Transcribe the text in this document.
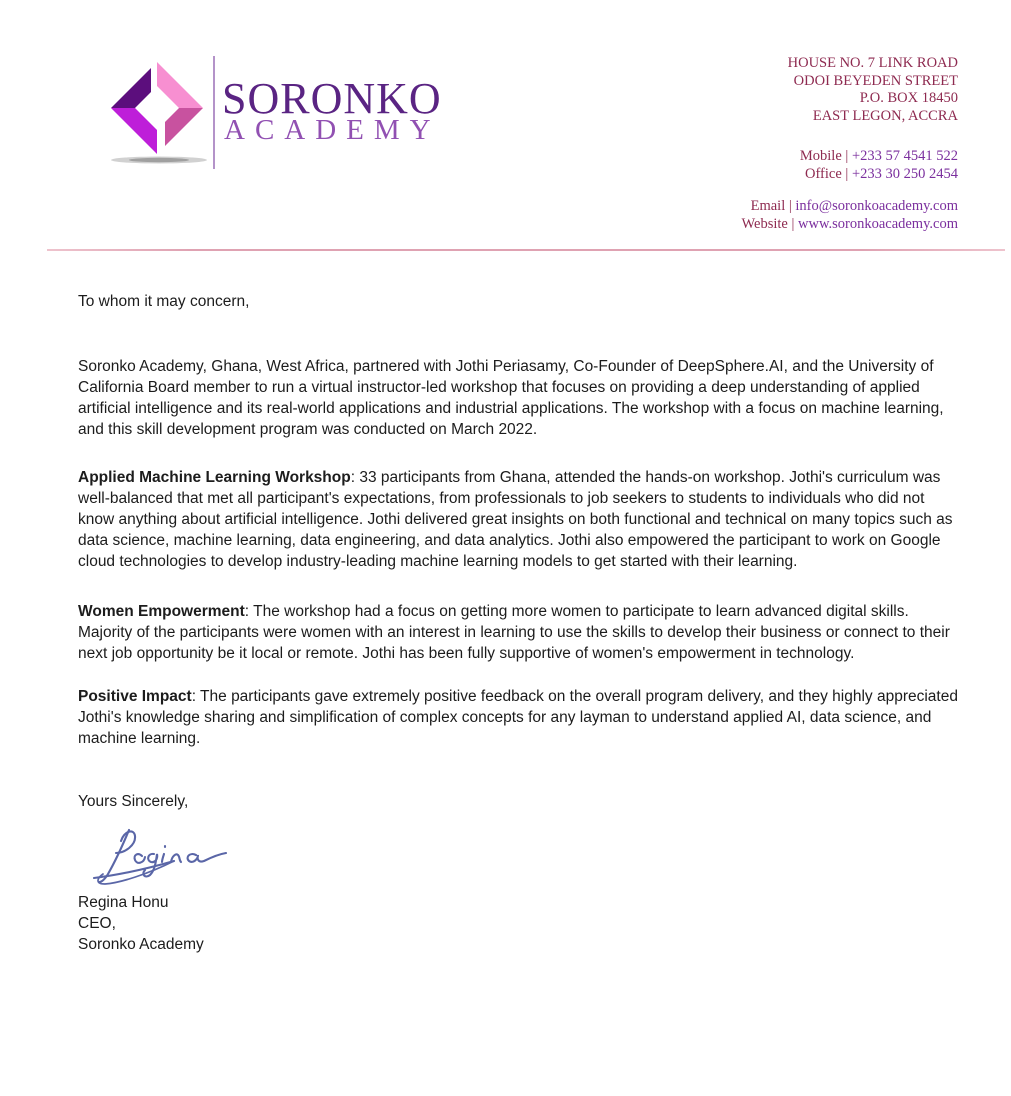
SORONKO
ACADEMY
HOUSE NO. 7 LINK ROAD
ODOI BEYEDEN STREET
P.O. BOX 18450
EAST LEGON, ACCRA
Mobile | +233 57 4541 522
Office | +233 30 250 2454
Email | info@soronkoacademy.com
Website | www.soronkoacademy.com

To whom it may concern,

Soronko Academy, Ghana, West Africa, partnered with Jothi Periasamy, Co-Founder of DeepSphere.AI, and the University of California Board member to run a virtual instructor-led workshop that focuses on providing a deep understanding of applied artificial intelligence and its real-world applications and industrial applications. The workshop with a focus on machine learning, and this skill development program was conducted on March 2022.

Applied Machine Learning Workshop: 33 participants from Ghana, attended the hands-on workshop. Jothi's curriculum was well-balanced that met all participant's expectations, from professionals to job seekers to students to individuals who did not know anything about artificial intelligence. Jothi delivered great insights on both functional and technical on many topics such as data science, machine learning, data engineering, and data analytics. Jothi also empowered the participant to work on Google cloud technologies to develop industry-leading machine learning models to get started with their learning.

Women Empowerment: The workshop had a focus on getting more women to participate to learn advanced digital skills. Majority of the participants were women with an interest in learning to use the skills to develop their business or connect to their next job opportunity be it local or remote. Jothi has been fully supportive of women's empowerment in technology.

Positive Impact: The participants gave extremely positive feedback on the overall program delivery, and they highly appreciated Jothi's knowledge sharing and simplification of complex concepts for any layman to understand applied AI, data science, and machine learning.

Yours Sincerely,

Regina Honu
CEO,
Soronko Academy
